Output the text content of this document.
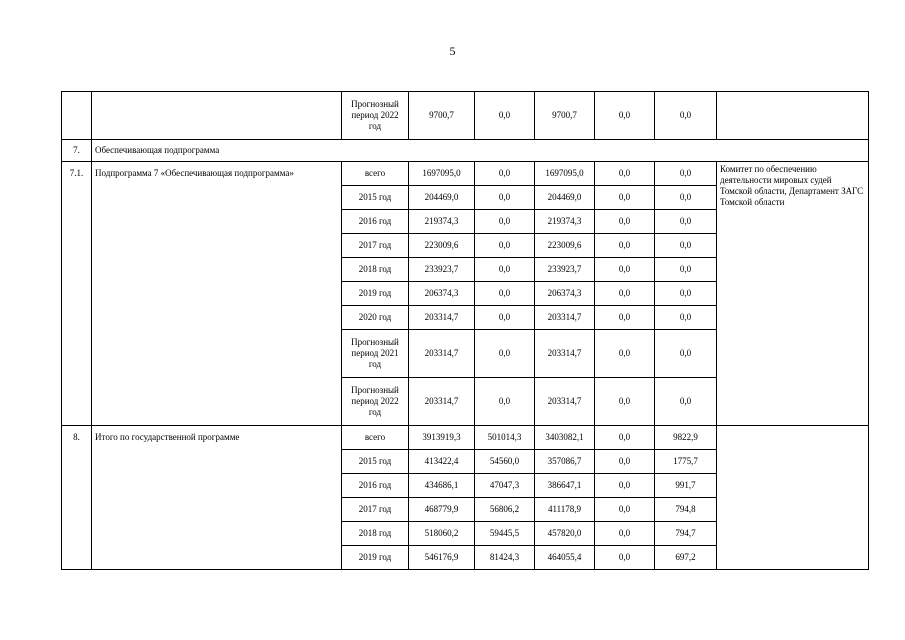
5
		Прогнозный период 2022 год	9700,7	0,0	9700,7	0,0	0,0	
7.	Обеспечивающая подпрограмма							
7.1.	Подпрограмма 7 «Обеспечивающая подпрограмма»	всего	1697095,0	0,0	1697095,0	0,0	0,0	Комитет по обеспечению деятельности мировых судей Томской области, Департамент ЗАГС Томской области
		2015 год	204469,0	0,0	204469,0	0,0	0,0	
		2016 год	219374,3	0,0	219374,3	0,0	0,0	
		2017 год	223009,6	0,0	223009,6	0,0	0,0	
		2018 год	233923,7	0,0	233923,7	0,0	0,0	
		2019 год	206374,3	0,0	206374,3	0,0	0,0	
		2020 год	203314,7	0,0	203314,7	0,0	0,0	
		Прогнозный период 2021 год	203314,7	0,0	203314,7	0,0	0,0	
		Прогнозный период 2022 год	203314,7	0,0	203314,7	0,0	0,0	
8.	Итого по государственной программе	всего	3913919,3	501014,3	3403082,1	0,0	9822,9	
		2015 год	413422,4	54560,0	357086,7	0,0	1775,7	
		2016 год	434686,1	47047,3	386647,1	0,0	991,7	
		2017 год	468779,9	56806,2	411178,9	0,0	794,8	
		2018 год	518060,2	59445,5	457820,0	0,0	794,7	
		2019 год	546176,9	81424,3	464055,4	0,0	697,2	
